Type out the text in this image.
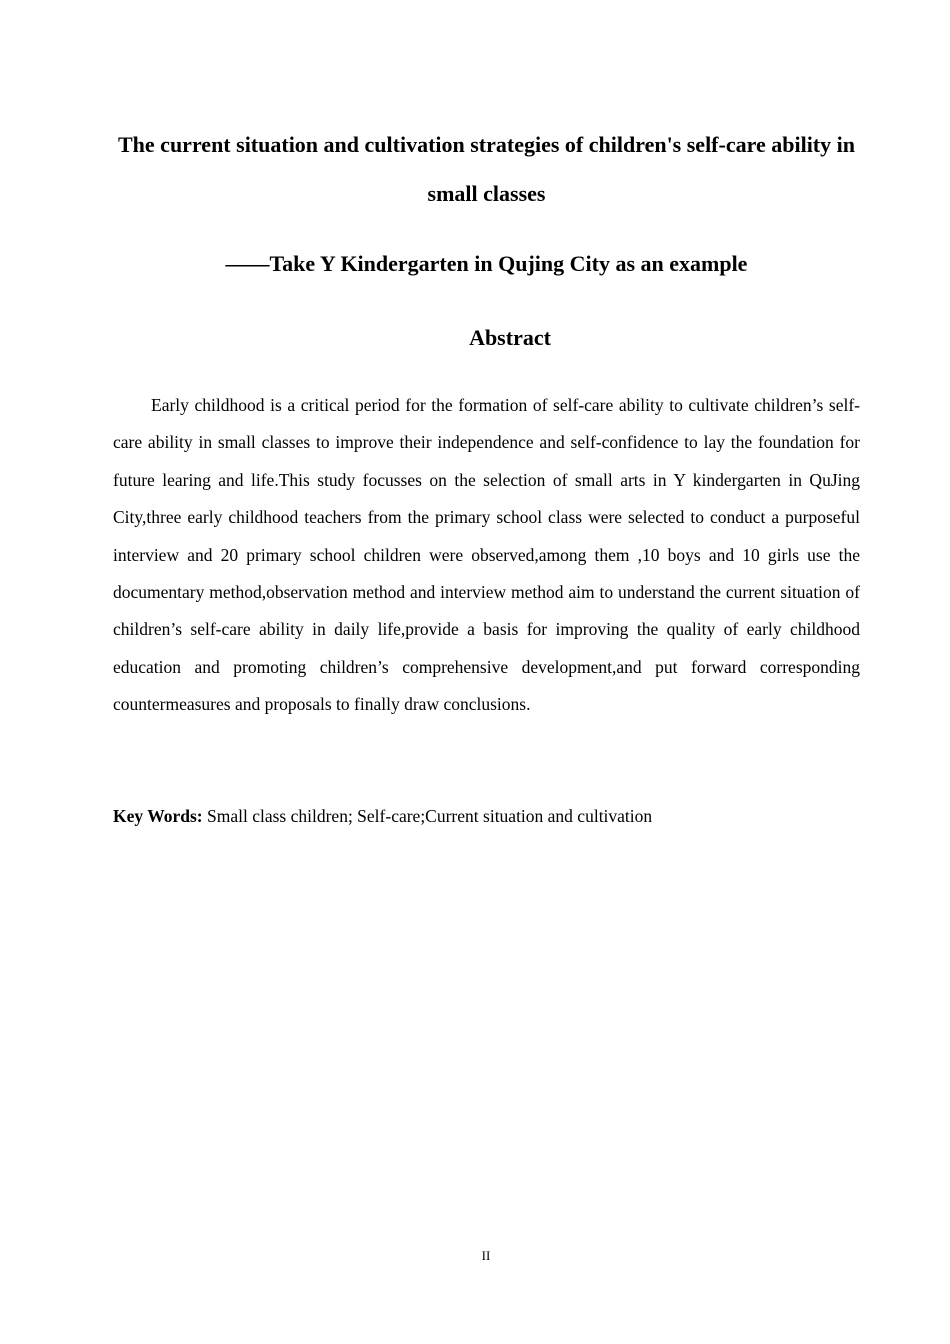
The current situation and cultivation strategies of children's self-care ability in small classes
——Take Y Kindergarten in Qujing City as an example
Abstract

Early childhood is a critical period for the formation of self-care ability to cultivate children’s self-care ability in small classes to improve their independence and self-confidence to lay the foundation for future learing and life.This study focusses on the selection of small arts in Y kindergarten in QuJing City,three early childhood teachers from the primary school class were selected to conduct a purposeful interview and 20 primary school children were observed,among them ,10 boys and 10 girls use the documentary method,observation method and interview method aim to understand the current situation of children’s self-care ability in daily life,provide a basis for improving the quality of early childhood education and promoting children’s comprehensive development,and put forward corresponding countermeasures and proposals to finally draw conclusions.

Key Words: Small class children; Self-care;Current situation and cultivation

II
